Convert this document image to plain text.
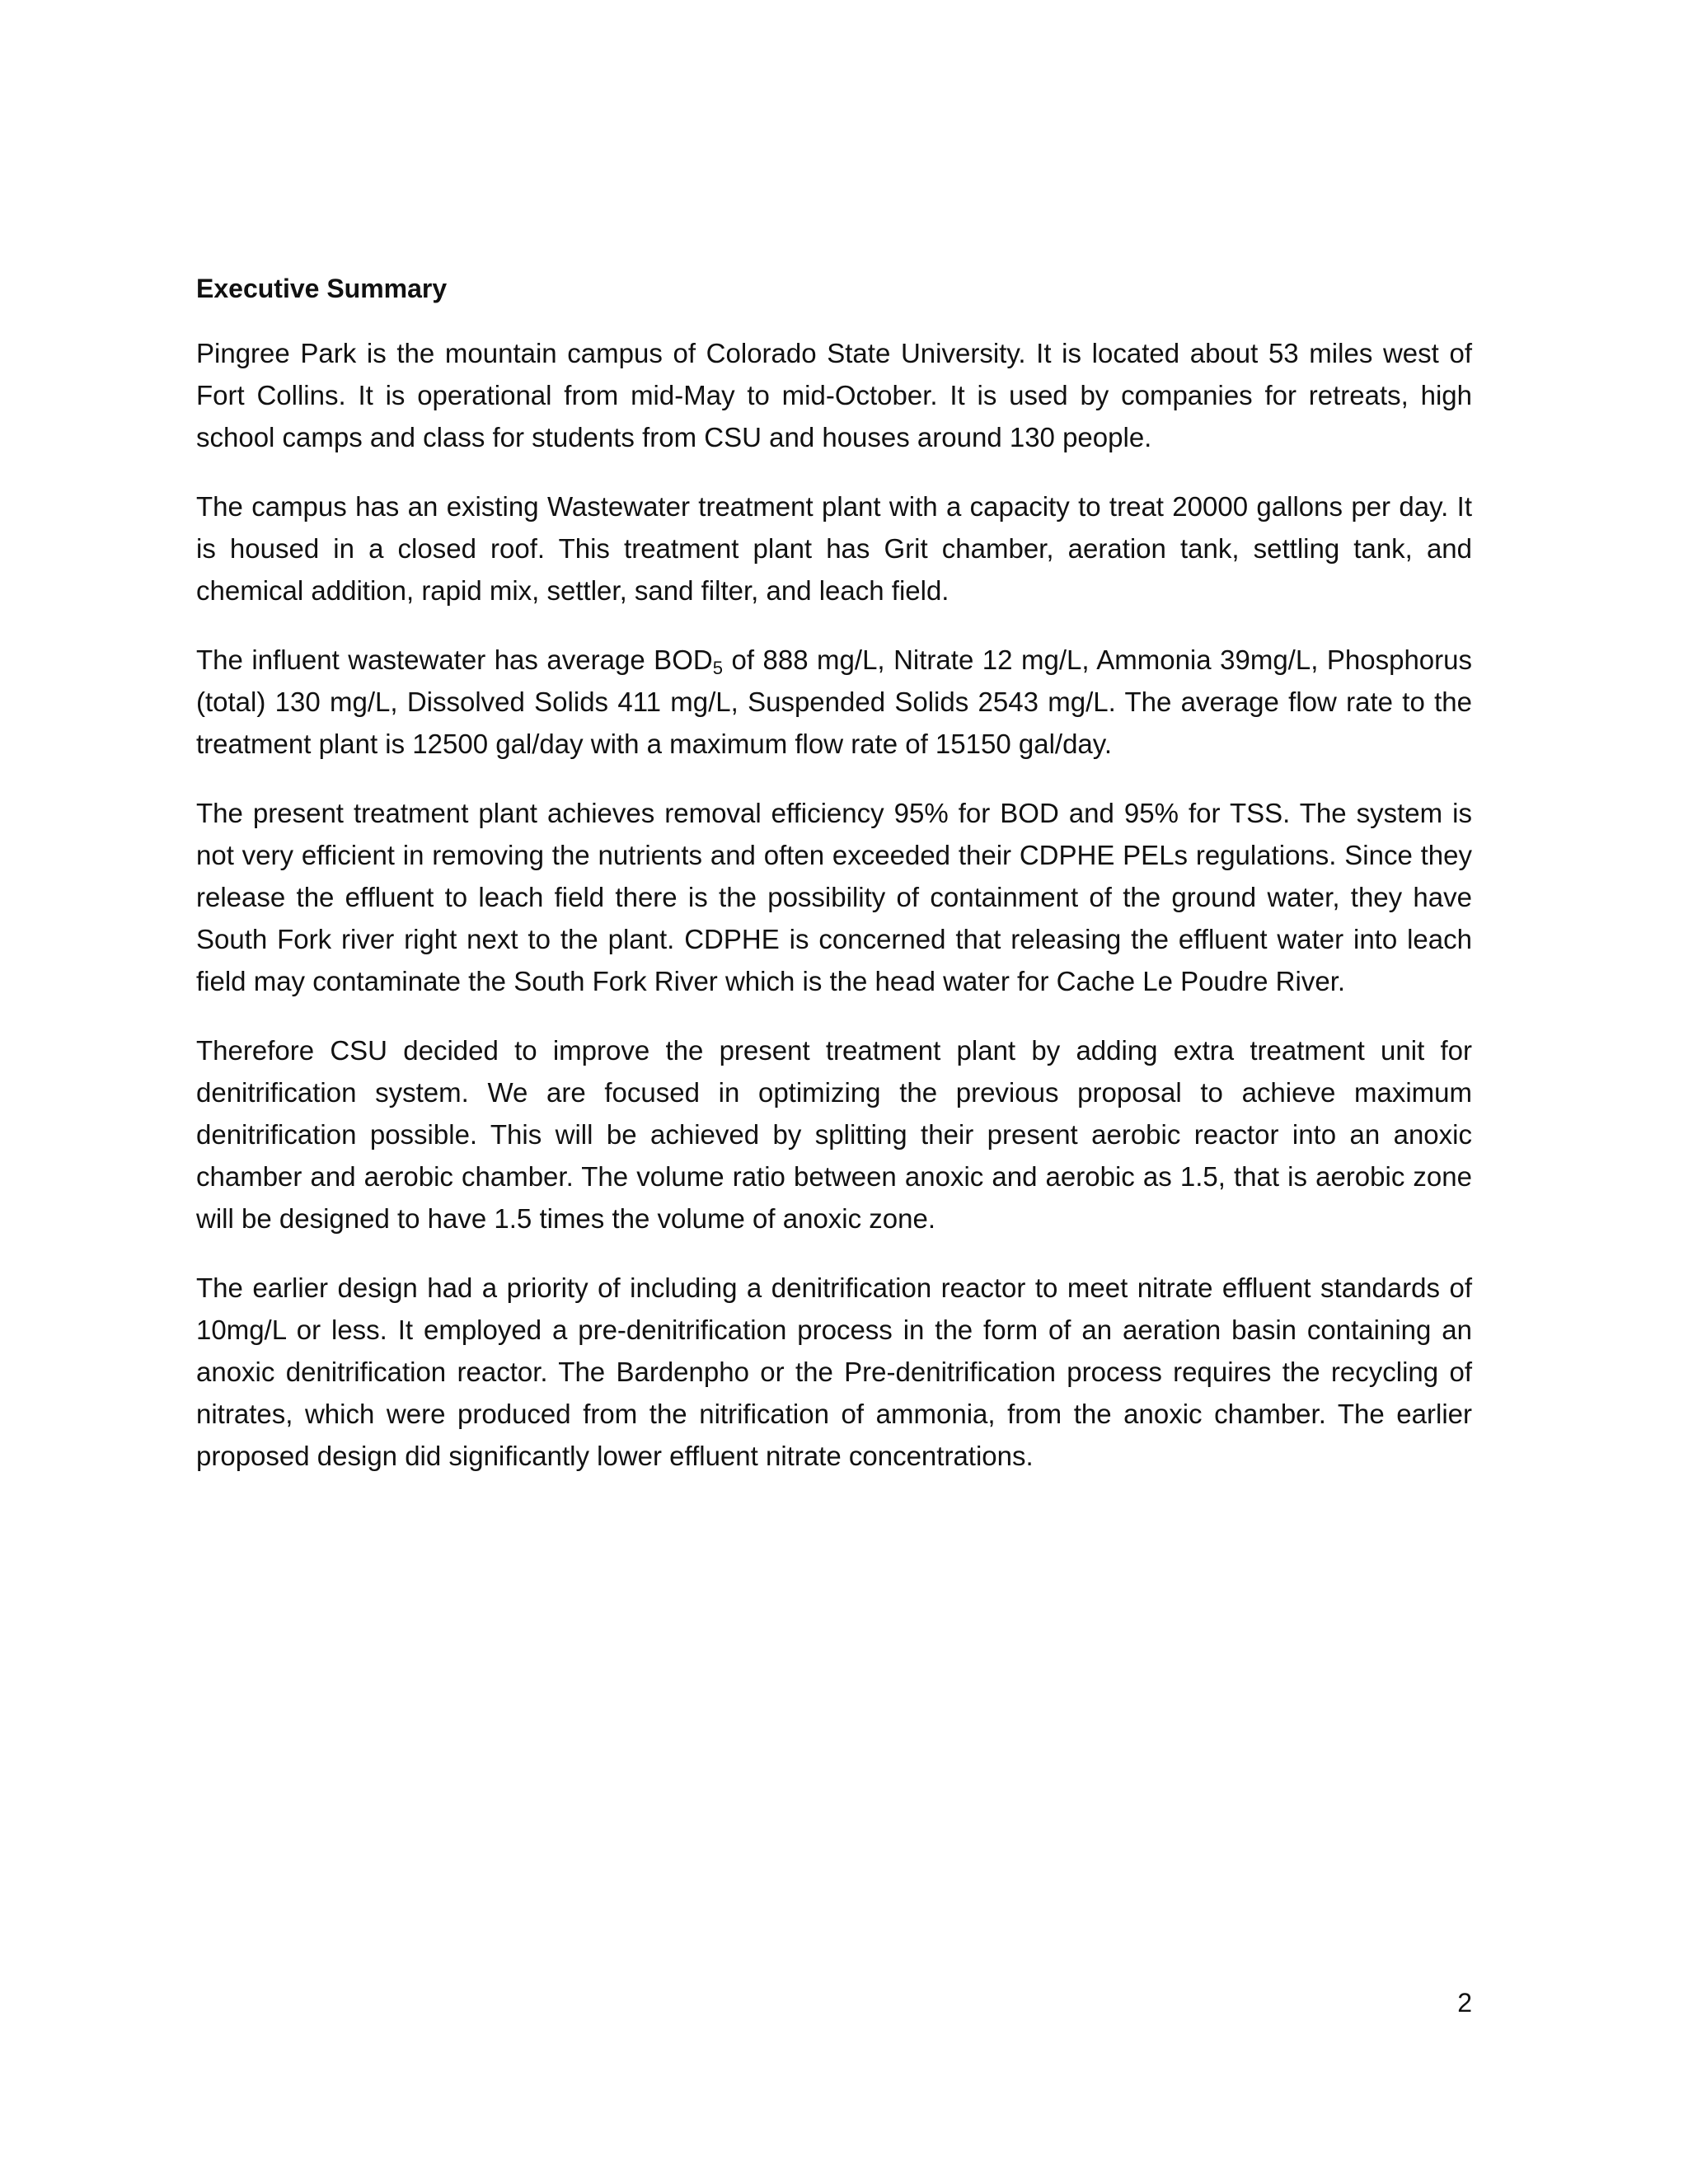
Executive Summary

Pingree Park is the mountain campus of Colorado State University. It is located about 53 miles west of Fort Collins. It is operational from mid-May to mid-October. It is used by companies for retreats, high school camps and class for students from CSU and houses around 130 people.

The campus has an existing Wastewater treatment plant with a capacity to treat 20000 gallons per day. It is housed in a closed roof. This treatment plant has Grit chamber, aeration tank, settling tank, and chemical addition, rapid mix, settler, sand filter, and leach field.

The influent wastewater has average $BOD_5$ of 888 mg/L, Nitrate 12 mg/L, Ammonia 39mg/L, Phosphorus (total) 130 mg/L, Dissolved Solids 411 mg/L, Suspended Solids 2543 mg/L. The average flow rate to the treatment plant is 12500 gal/day with a maximum flow rate of 15150 gal/day.

The present treatment plant achieves removal efficiency 95% for BOD and 95% for TSS. The system is not very efficient in removing the nutrients and often exceeded their CDPHE PELs regulations. Since they release the effluent to leach field there is the possibility of containment of the ground water, they have South Fork river right next to the plant. CDPHE is concerned that releasing the effluent water into leach field may contaminate the South Fork River which is the head water for Cache Le Poudre River.

Therefore CSU decided to improve the present treatment plant by adding extra treatment unit for denitrification system. We are focused in optimizing the previous proposal to achieve maximum denitrification possible. This will be achieved by splitting their present aerobic reactor into an anoxic chamber and aerobic chamber. The volume ratio between anoxic and aerobic as 1.5, that is aerobic zone will be designed to have 1.5 times the volume of anoxic zone.

The earlier design had a priority of including a denitrification reactor to meet nitrate effluent standards of 10mg/L or less. It employed a pre-denitrification process in the form of an aeration basin containing an anoxic denitrification reactor. The Bardenpho or the Pre-denitrification process requires the recycling of nitrates, which were produced from the nitrification of ammonia, from the anoxic chamber. The earlier proposed design did significantly lower effluent nitrate concentrations.

2
